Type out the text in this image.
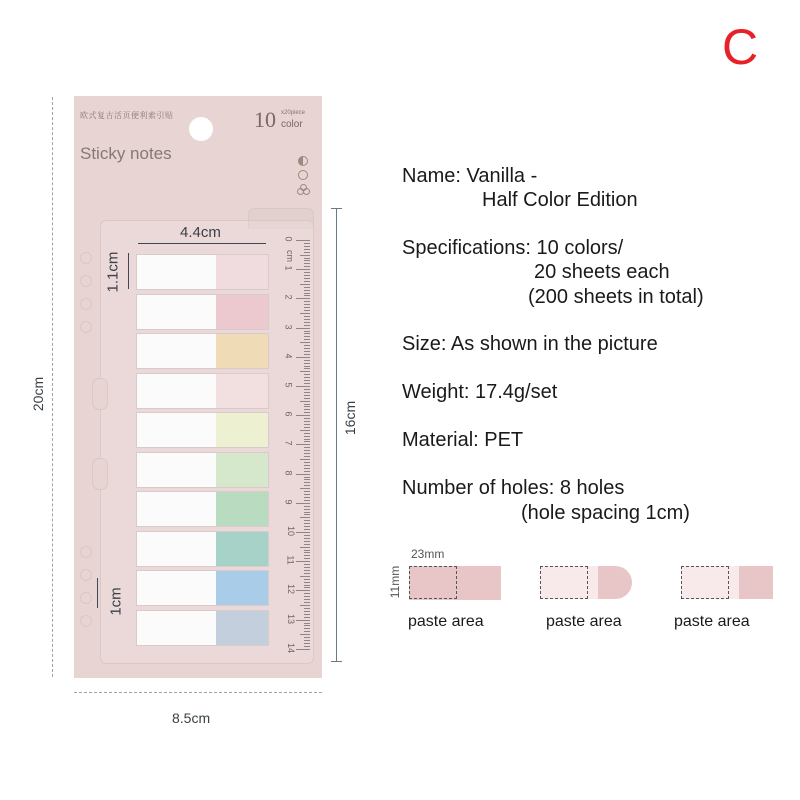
C
20cm
8.5cm
16cm
欧式复古活页便利索引贴	10 x20piece
color
Sticky notes
4.4cm
1.1cm
1cm
0
1
cm
2
3
4
5
6
7
8
9
10
11
12
13
14
Name: Vanilla -
Half Color Edition
Specifications: 10 colors/
20 sheets each
(200 sheets in total)
Size: As shown in the picture
Weight: 17.4g/set
Material: PET
Number of holes: 8 holes
(hole spacing 1cm)
23mm
11mm
paste area	paste area	paste area
